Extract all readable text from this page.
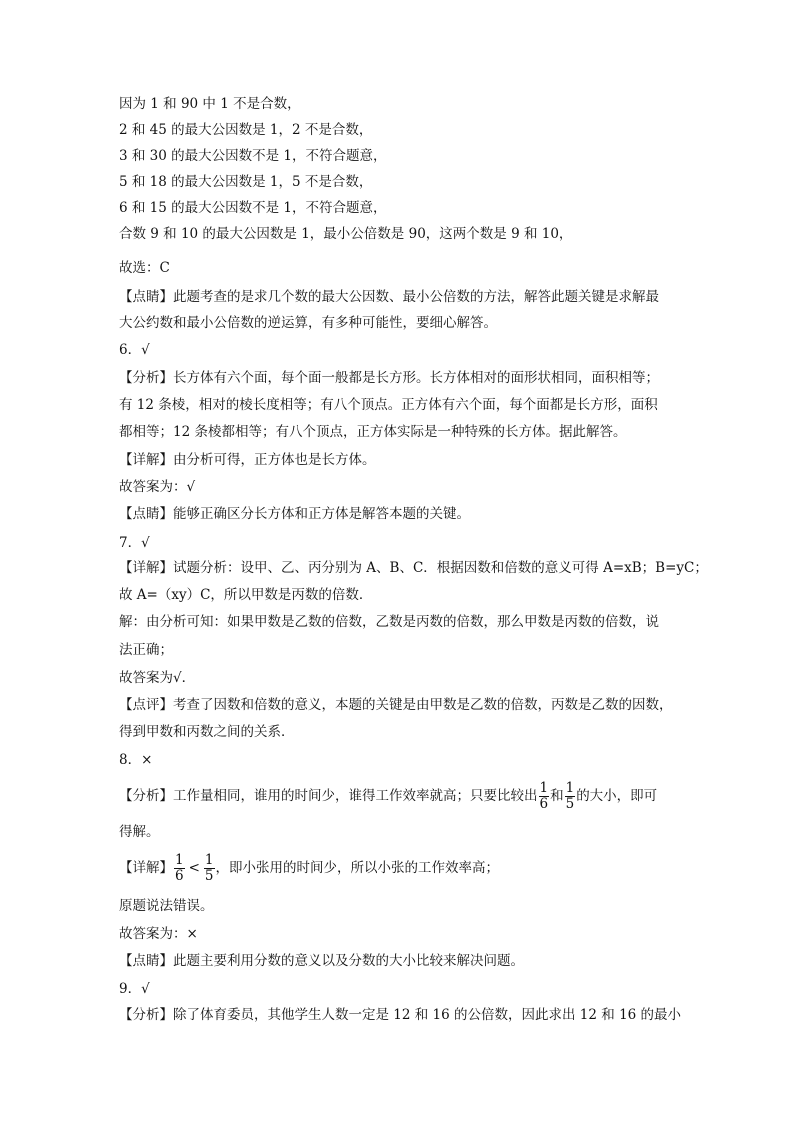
因为 1 和 90 中 1 不是合数，
2 和 45 的最大公因数是 1，2 不是合数，
3 和 30 的最大公因数不是 1，不符合题意，
5 和 18 的最大公因数是 1，5 不是合数，
6 和 15 的最大公因数不是 1，不符合题意，
合数 9 和 10 的最大公因数是 1，最小公倍数是 90，这两个数是 9 和 10，
故选：C
【点睛】此题考查的是求几个数的最大公因数、最小公倍数的方法，解答此题关键是求解最
大公约数和最小公倍数的逆运算，有多种可能性，要细心解答。
6．√
【分析】长方体有六个面，每个面一般都是长方形。长方体相对的面形状相同，面积相等；
有 12 条棱，相对的棱长度相等；有八个顶点。正方体有六个面，每个面都是长方形，面积
都相等；12 条棱都相等；有八个顶点，正方体实际是一种特殊的长方体。据此解答。
【详解】由分析可得，正方体也是长方体。
故答案为：√
【点睛】能够正确区分长方体和正方体是解答本题的关键。
7．√
【详解】试题分析：设甲、乙、丙分别为 A、B、C．根据因数和倍数的意义可得 A=xB；B=yC；
故 A=（xy）C，所以甲数是丙数的倍数．
解：由分析可知：如果甲数是乙数的倍数，乙数是丙数的倍数，那么甲数是丙数的倍数，说
法正确；
故答案为√．
【点评】考查了因数和倍数的意义，本题的关键是由甲数是乙数的倍数，丙数是乙数的因数，
得到甲数和丙数之间的关系．
8．×
【分析】工作量相同，谁用的时间少，谁得工作效率就高；只要比较出 $\frac{1}{6}$ 和 $\frac{1}{5}$ 的大小，即可
得解。
【详解】 $\frac{1}{6} < \frac{1}{5}$ ，即小张用的时间少，所以小张的工作效率高；
原题说法错误。
故答案为：×
【点睛】此题主要利用分数的意义以及分数的大小比较来解决问题。
9．√
【分析】除了体育委员，其他学生人数一定是 12 和 16 的公倍数，因此求出 12 和 16 的最小
